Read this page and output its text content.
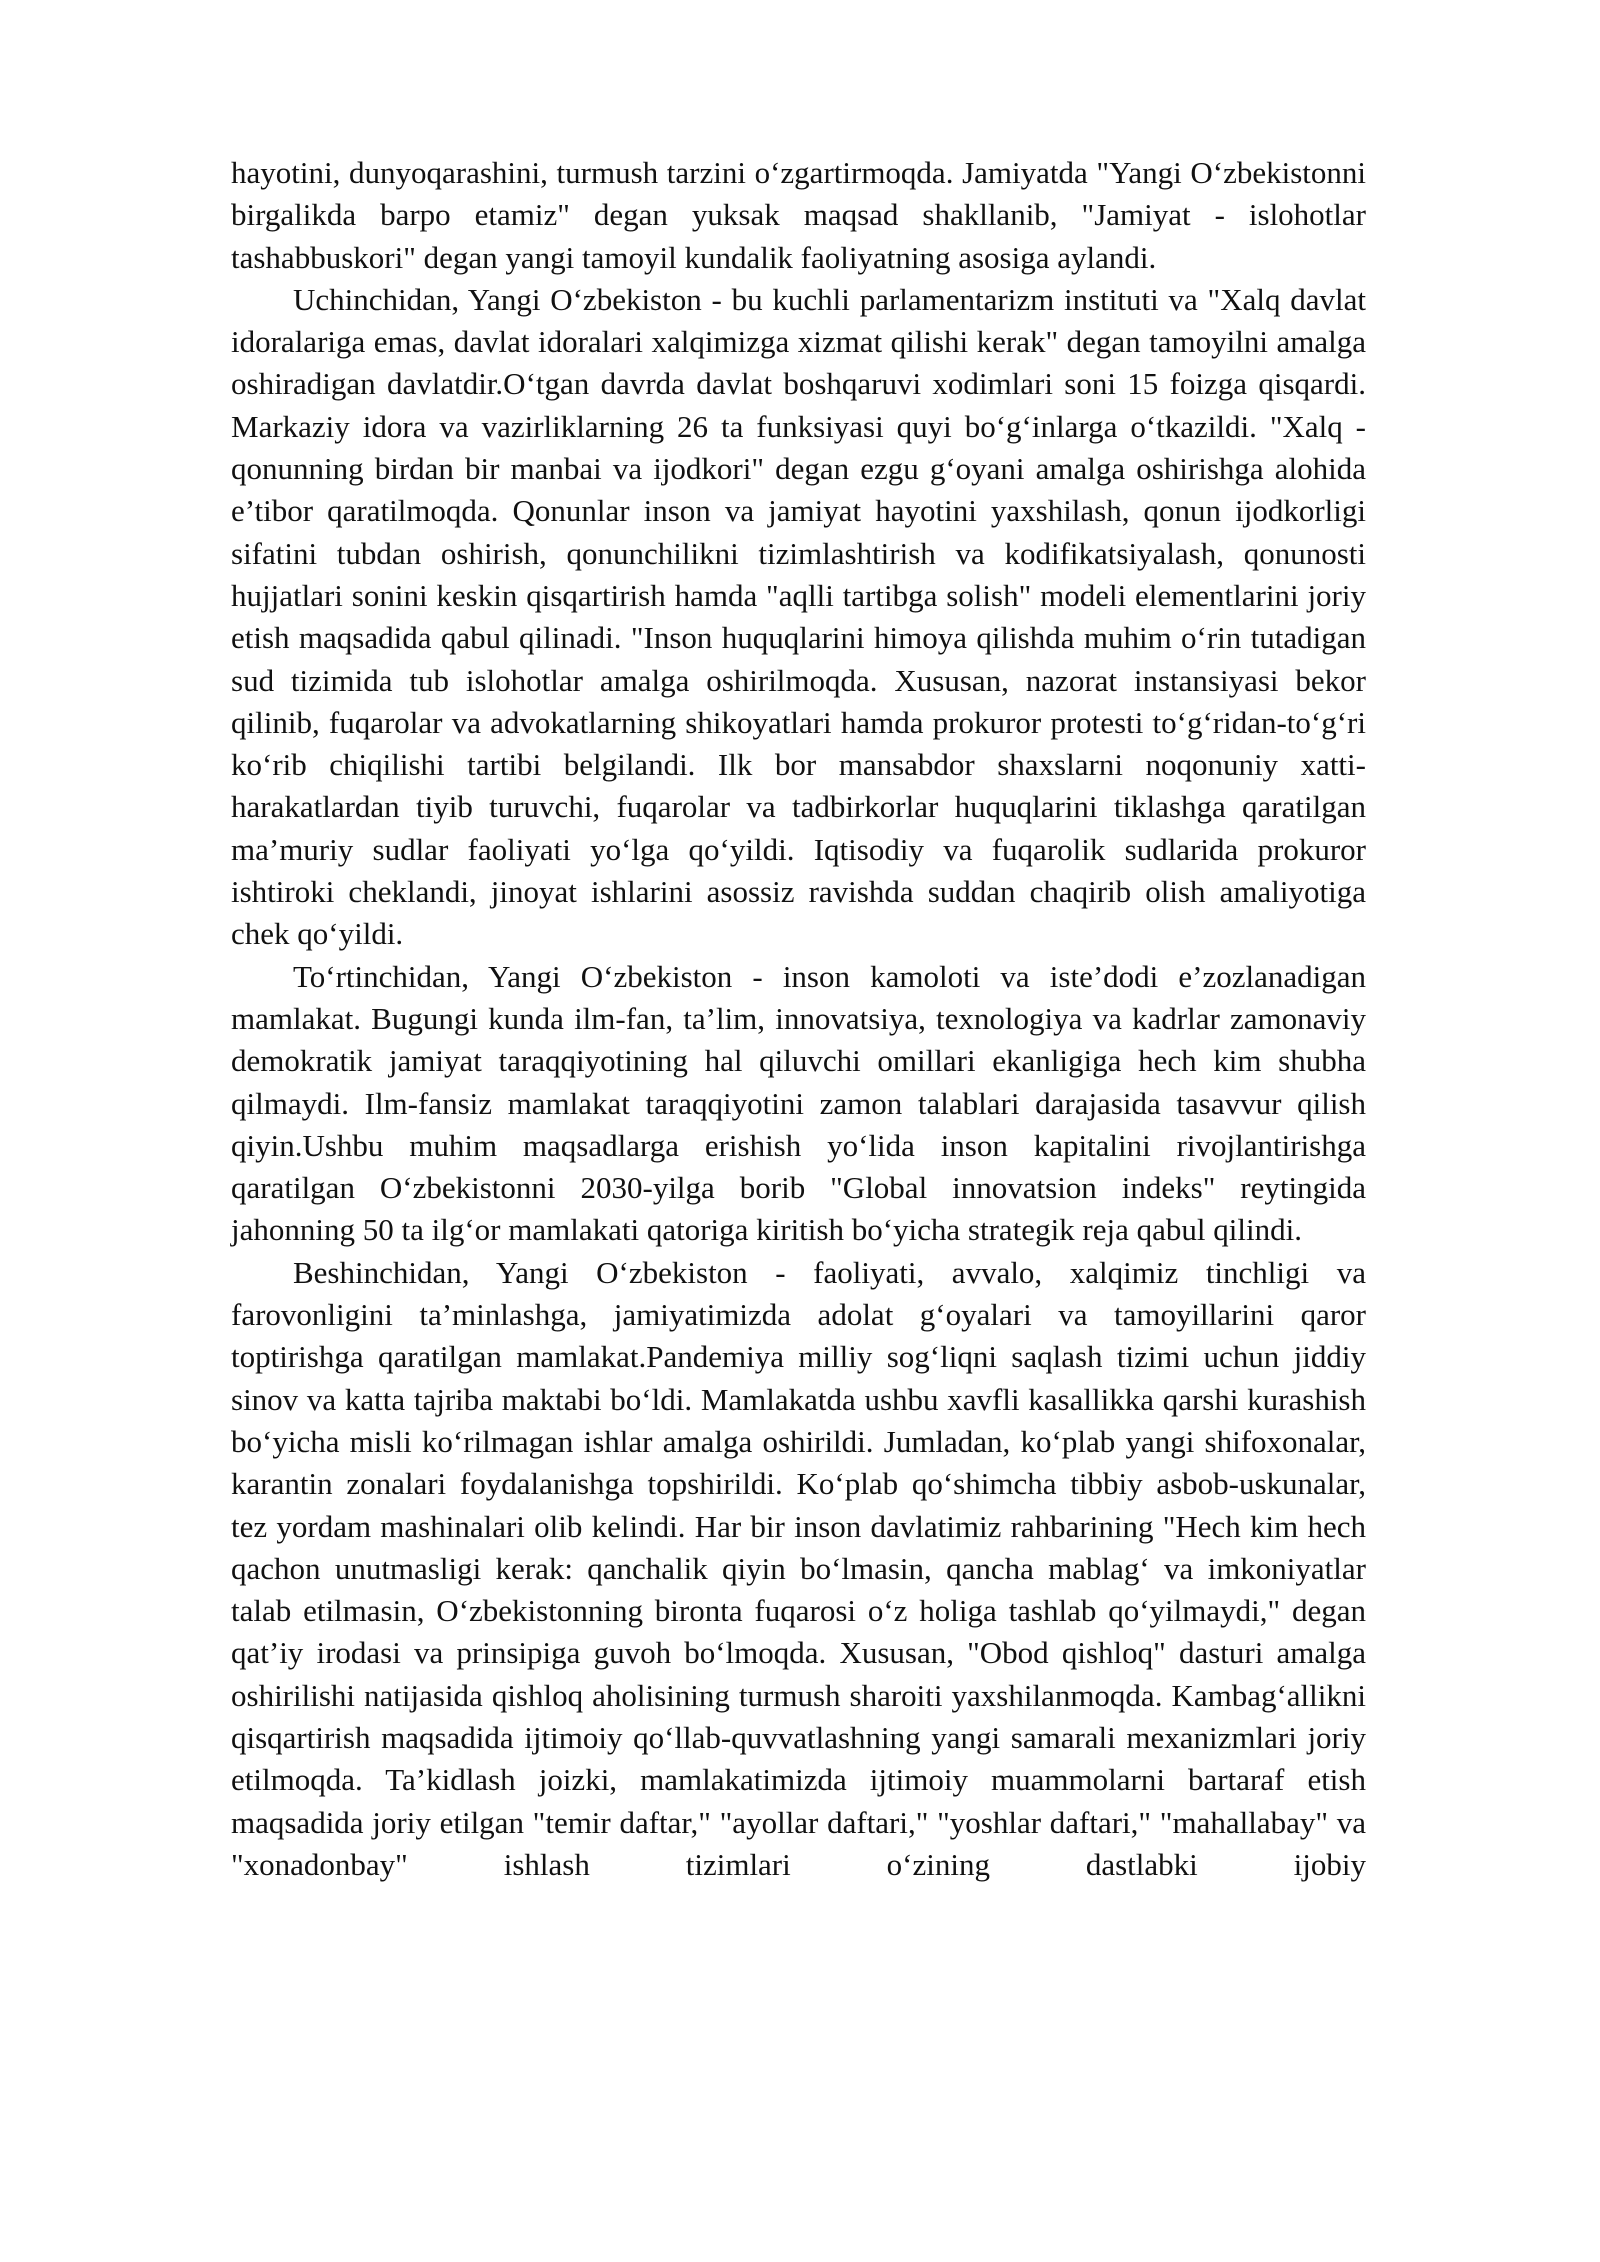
hayotini, dunyoqarashini, turmush tarzini o‘zgartirmoqda. Jamiyatda "Yangi O‘zbekistonni birgalikda barpo etamiz" degan yuksak maqsad shakllanib, "Jamiyat - islohotlar tashabbuskori" degan yangi tamoyil kundalik faoliyatning asosiga aylandi.

Uchinchidan, Yangi O‘zbekiston - bu kuchli parlamentarizm instituti va "Xalq davlat idoralariga emas, davlat idoralari xalqimizga xizmat qilishi kerak" degan tamoyilni amalga oshiradigan davlatdir.O‘tgan davrda davlat boshqaruvi xodimlari soni 15 foizga qisqardi. Markaziy idora va vazirliklarning 26 ta funksiyasi quyi bo‘g‘inlarga o‘tkazildi. "Xalq - qonunning birdan bir manbai va ijodkori" degan ezgu g‘oyani amalga oshirishga alohida e’tibor qaratilmoqda. Qonunlar inson va jamiyat hayotini yaxshilash, qonun ijodkorligi sifatini tubdan oshirish, qonunchilikni tizimlashtirish va kodifikatsiyalash, qonunosti hujjatlari sonini keskin qisqartirish hamda "aqlli tartibga solish" modeli elementlarini joriy etish maqsadida qabul qilinadi. "Inson huquqlarini himoya qilishda muhim o‘rin tutadigan sud tizimida tub islohotlar amalga oshirilmoqda. Xususan, nazorat instansiyasi bekor qilinib, fuqarolar va advokatlarning shikoyatlari hamda prokuror protesti to‘g‘ridan-to‘g‘ri ko‘rib chiqilishi tartibi belgilandi. Ilk bor mansabdor shaxslarni noqonuniy xatti-harakatlardan tiyib turuvchi, fuqarolar va tadbirkorlar huquqlarini tiklashga qaratilgan ma’muriy sudlar faoliyati yo‘lga qo‘yildi. Iqtisodiy va fuqarolik sudlarida prokuror ishtiroki cheklandi, jinoyat ishlarini asossiz ravishda suddan chaqirib olish amaliyotiga chek qo‘yildi.

To‘rtinchidan, Yangi O‘zbekiston - inson kamoloti va iste’dodi e’zozlanadigan mamlakat. Bugungi kunda ilm-fan, ta’lim, innovatsiya, texnologiya va kadrlar zamonaviy demokratik jamiyat taraqqiyotining hal qiluvchi omillari ekanligiga hech kim shubha qilmaydi. Ilm-fansiz mamlakat taraqqiyotini zamon talablari darajasida tasavvur qilish qiyin.Ushbu muhim maqsadlarga erishish yo‘lida inson kapitalini rivojlantirishga qaratilgan O‘zbekistonni 2030-yilga borib "Global innovatsion indeks" reytingida jahonning 50 ta ilg‘or mamlakati qatoriga kiritish bo‘yicha strategik reja qabul qilindi.

Beshinchidan, Yangi O‘zbekiston - faoliyati, avvalo, xalqimiz tinchligi va farovonligini ta’minlashga, jamiyatimizda adolat g‘oyalari va tamoyillarini qaror toptirishga qaratilgan mamlakat.Pandemiya milliy sog‘liqni saqlash tizimi uchun jiddiy sinov va katta tajriba maktabi bo‘ldi. Mamlakatda ushbu xavfli kasallikka qarshi kurashish bo‘yicha misli ko‘rilmagan ishlar amalga oshirildi. Jumladan, ko‘plab yangi shifoxonalar, karantin zonalari foydalanishga topshirildi. Ko‘plab qo‘shimcha tibbiy asbob-uskunalar, tez yordam mashinalari olib kelindi. Har bir inson davlatimiz rahbarining "Hech kim hech qachon unutmasligi kerak: qanchalik qiyin bo‘lmasin, qancha mablag‘ va imkoniyatlar talab etilmasin, O‘zbekistonning bironta fuqarosi o‘z holiga tashlab qo‘yilmaydi," degan qat’iy irodasi va prinsipiga guvoh bo‘lmoqda. Xususan, "Obod qishloq" dasturi amalga oshirilishi natijasida qishloq aholisining turmush sharoiti yaxshilanmoqda. Kambag‘allikni qisqartirish maqsadida ijtimoiy qo‘llab-quvvatlashning yangi samarali mexanizmlari joriy etilmoqda. Ta’kidlash joizki, mamlakatimizda ijtimoiy muammolarni bartaraf etish maqsadida joriy etilgan "temir daftar," "ayollar daftari," "yoshlar daftari," "mahallabay" va "xonadonbay" ishlash tizimlari o‘zining dastlabki ijobiy
